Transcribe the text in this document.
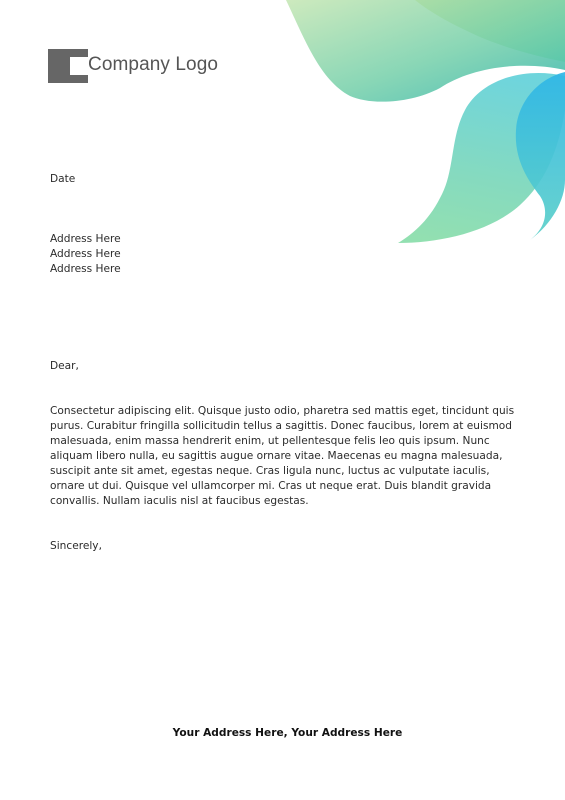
Company Logo
Date
Address Here
Address Here
Address Here
Dear,
Consectetur adipiscing elit. Quisque justo odio, pharetra sed mattis eget, tincidunt quis purus. Curabitur fringilla sollicitudin tellus a sagittis. Donec faucibus, lorem at euismod malesuada, enim massa hendrerit enim, ut pellentesque felis leo quis ipsum. Nunc aliquam libero nulla, eu sagittis augue ornare vitae. Maecenas eu magna malesuada, suscipit ante sit amet, egestas neque. Cras ligula nunc, luctus ac vulputate iaculis, ornare ut dui. Quisque vel ullamcorper mi. Cras ut neque erat. Duis blandit gravida convallis. Nullam iaculis nisl at faucibus egestas.
Sincerely,
Your Address Here, Your Address Here
